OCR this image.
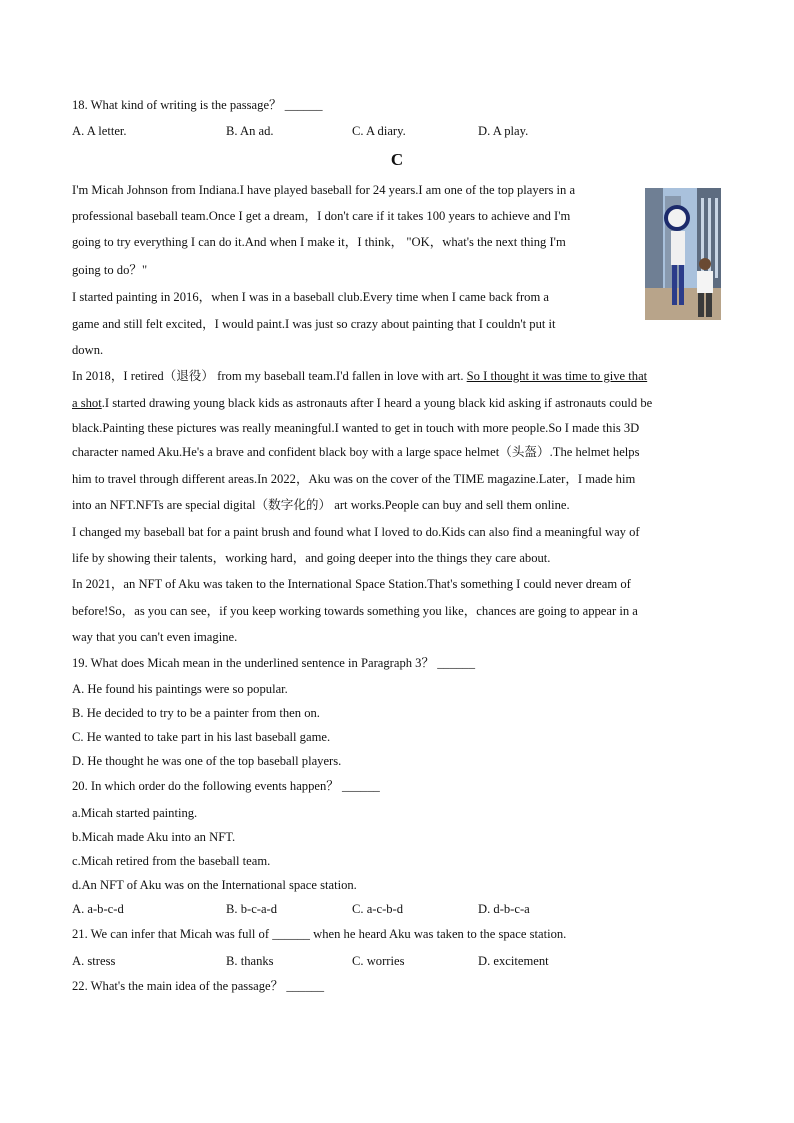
18. What kind of writing is the passage？ ______
A. A letter.	B. An ad.	C. A diary.	D. A play.
C
I'm Micah Johnson from Indiana.I have played baseball for 24 years.I am one of the top players in a
professional baseball team.Once I get a dream，I don't care if it takes 100 years to achieve and I'm
going to try everything I can do it.And when I make it，I think， "OK，what's the next thing I'm
going to do？"
I started painting in 2016，when I was in a baseball club.Every time when I came back from a
game and still felt excited，I would paint.I was just so crazy about painting that I couldn't put it
down.
In 2018，I retired（退役） from my baseball team.I'd fallen in love with art. So I thought it was time to give that
a shot.I started drawing young black kids as astronauts after I heard a young black kid asking if astronauts could be
black.Painting these pictures was really meaningful.I wanted to get in touch with more people.So I made this 3D
character named Aku.He's a brave and confident black boy with a large space helmet（头盔）.The helmet helps
him to travel through different areas.In 2022，Aku was on the cover of the TIME magazine.Later，I made him
into an NFT.NFTs are special digital（数字化的） art works.People can buy and sell them online.
I changed my baseball bat for a paint brush and found what I loved to do.Kids can also find a meaningful way of
life by showing their talents，working hard，and going deeper into the things they care about.
In 2021，an NFT of Aku was taken to the International Space Station.That's something I could never dream of
before!So，as you can see，if you keep working towards something you like，chances are going to appear in a
way that you can't even imagine.
19. What does Micah mean in the underlined sentence in Paragraph 3？ ______
A. He found his paintings were so popular.
B. He decided to try to be a painter from then on.
C. He wanted to take part in his last baseball game.
D. He thought he was one of the top baseball players.
20. In which order do the following events happen？ ______
a.Micah started painting.
b.Micah made Aku into an NFT.
c.Micah retired from the baseball team.
d.An NFT of Aku was on the International space station.
A. a-b-c-d	B. b-c-a-d	C. a-c-b-d	D. d-b-c-a
21. We can infer that Micah was full of ______ when he heard Aku was taken to the space station.
A. stress	B. thanks	C. worries	D. excitement
22. What's the main idea of the passage？ ______
